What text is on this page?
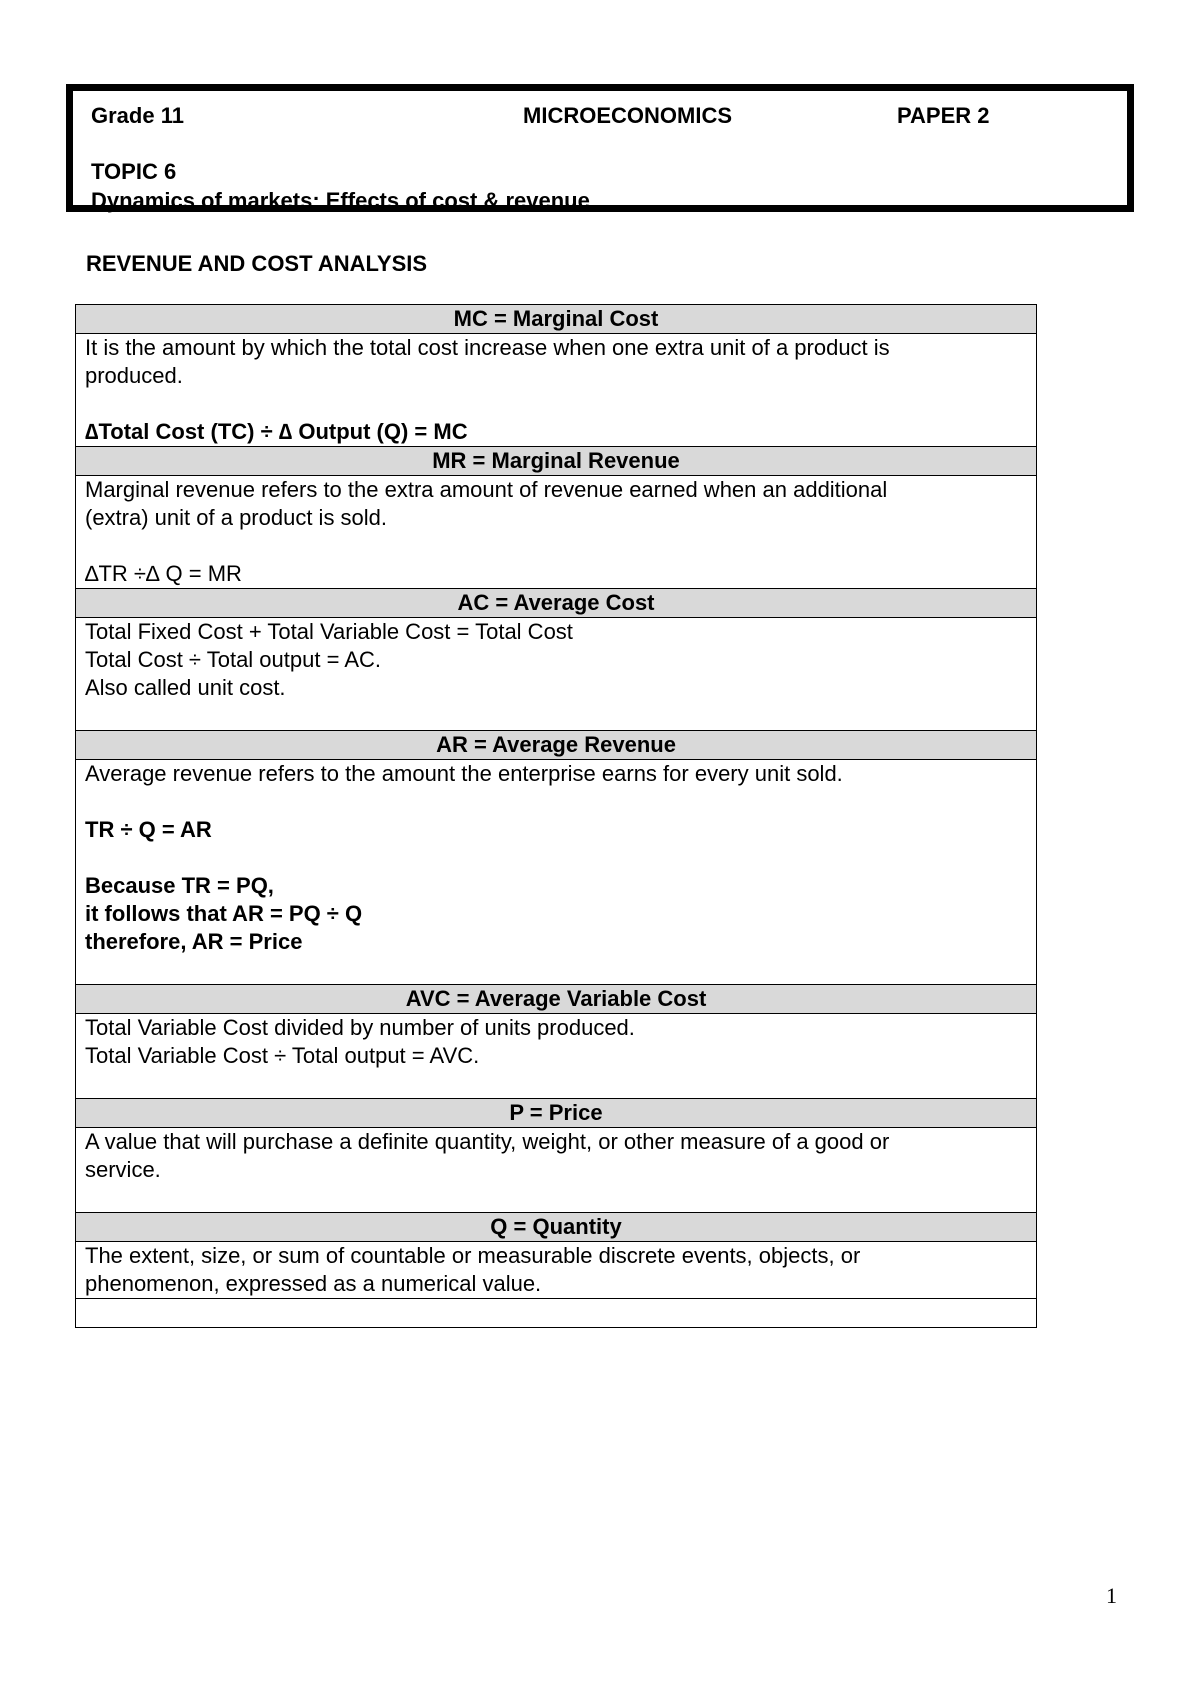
Grade 11	MICROECONOMICS	PAPER 2
TOPIC 6
Dynamics of markets: Effects of cost & revenue
REVENUE AND COST ANALYSIS
MC = Marginal Cost

It is the amount by which the total cost increase when one extra unit of a product is
produced.
∆Total Cost (TC) ÷ ∆ Output (Q) = MC

MR = Marginal Revenue

Marginal revenue refers to the extra amount of revenue earned when an additional
(extra) unit of a product is sold.
∆TR ÷∆ Q = MR

AC = Average Cost

Total Fixed Cost + Total Variable Cost = Total Cost
Total Cost ÷ Total output = AC.
Also called unit cost.

AR = Average Revenue

Average revenue refers to the amount the enterprise earns for every unit sold.
TR ÷ Q = AR
Because TR = PQ,
it follows that AR = PQ ÷ Q
therefore, AR = Price

AVC = Average Variable Cost

Total Variable Cost divided by number of units produced.
Total Variable Cost ÷ Total output = AVC.

P = Price

A value that will purchase a definite quantity, weight, or other measure of a good or
service.

Q = Quantity

The extent, size, or sum of countable or measurable discrete events, objects, or
phenomenon, expressed as a numerical value.

1
